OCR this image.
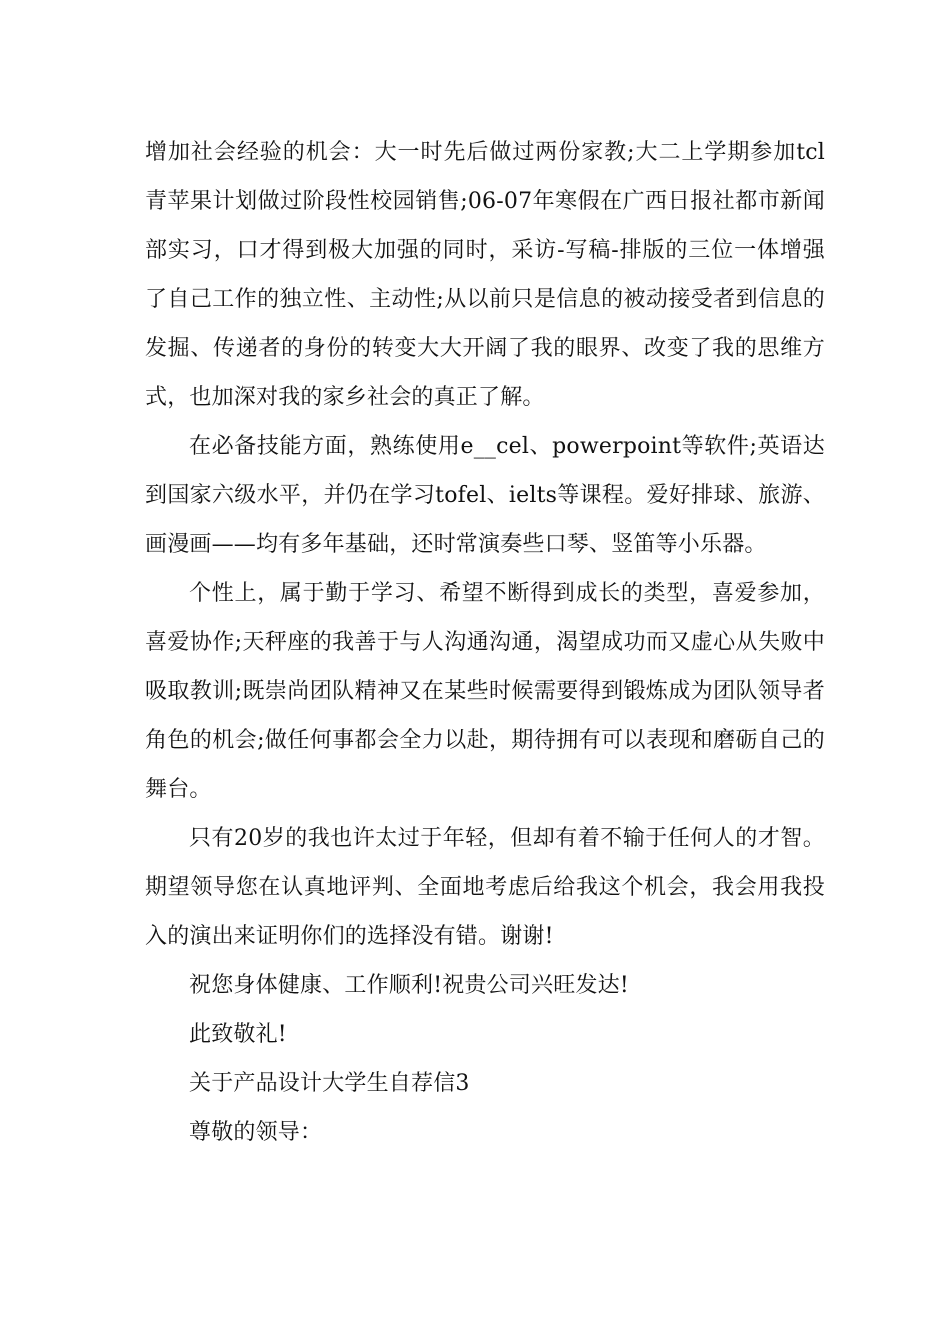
增加社会经验的机会：大一时先后做过两份家教;大二上学期参加tcl青苹果计划做过阶段性校园销售;06-07年寒假在广西日报社都市新闻部实习，口才得到极大加强的同时，采访-写稿-排版的三位一体增强了自己工作的独立性、主动性;从以前只是信息的被动接受者到信息的发掘、传递者的身份的转变大大开阔了我的眼界、改变了我的思维方式，也加深对我的家乡社会的真正了解。

在必备技能方面，熟练使用e__cel、powerpoint等软件;英语达到国家六级水平，并仍在学习tofel、ielts等课程。爱好排球、旅游、画漫画——均有多年基础，还时常演奏些口琴、竖笛等小乐器。

个性上，属于勤于学习、希望不断得到成长的类型，喜爱参加，喜爱协作;天秤座的我善于与人沟通沟通，渴望成功而又虚心从失败中吸取教训;既崇尚团队精神又在某些时候需要得到锻炼成为团队领导者角色的机会;做任何事都会全力以赴，期待拥有可以表现和磨砺自己的舞台。

只有20岁的我也许太过于年轻，但却有着不输于任何人的才智。期望领导您在认真地评判、全面地考虑后给我这个机会，我会用我投入的演出来证明你们的选择没有错。谢谢!

祝您身体健康、工作顺利!祝贵公司兴旺发达!

此致敬礼!

关于产品设计大学生自荐信3

尊敬的领导：
